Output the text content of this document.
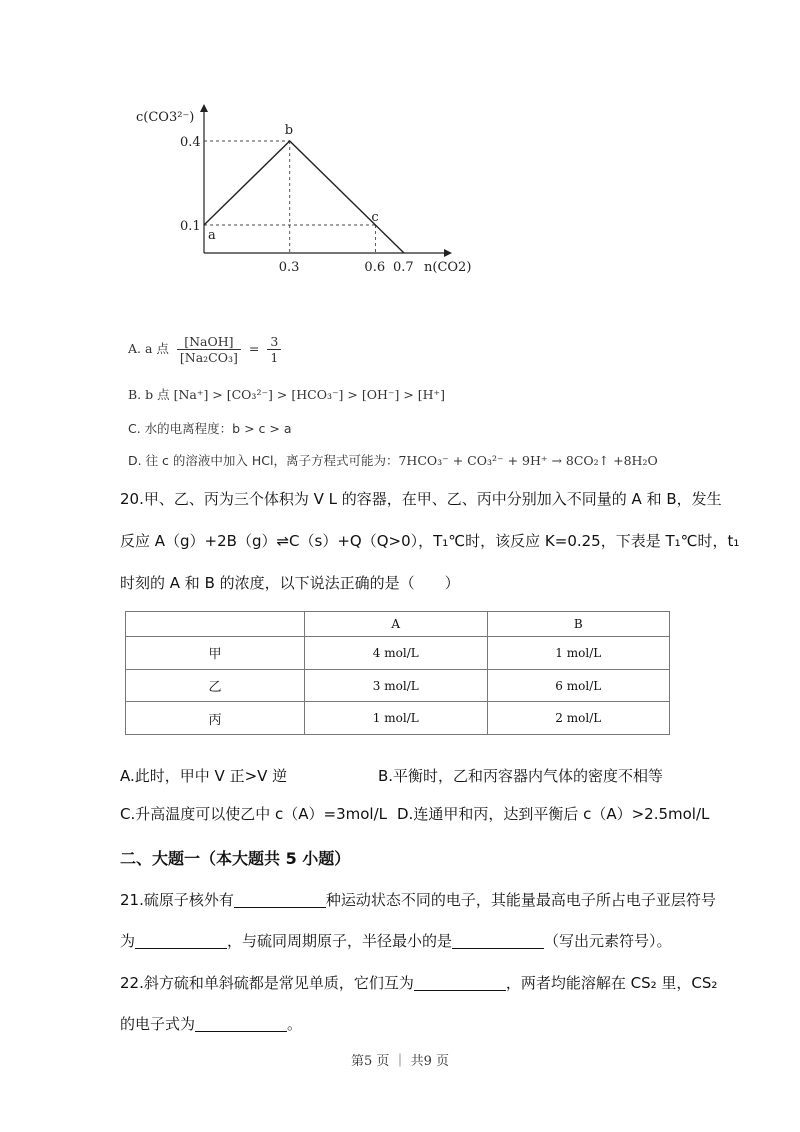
c(CO3²⁻)
n(CO2)
0.1
0.4
0.3	0.6 0.7
a
b
c
A. a 点 $\frac{\text{[NaOH]}}{\text{[Na₂CO₃]}} = \frac{3}{1}$
B. b 点 [Na⁺] > [CO₃²⁻] > [HCO₃⁻] > [OH⁻] > [H⁺]
C. 水的电离程度：b > c > a
D. 往 c 的溶液中加入 HCl，离子方程式可能为：7HCO₃⁻ + CO₃²⁻ + 9H⁺ → 8CO₂↑ +8H₂O
20.甲、乙、丙为三个体积为 V L 的容器，在甲、乙、丙中分别加入不同量的 A 和 B，发生
反应 A（g）+2B（g）⇌C（s）+Q（Q>0），T₁℃时，该反应 K=0.25，下表是 T₁℃时，t₁
时刻的 A 和 B 的浓度，以下说法正确的是（　　）
	A	B
甲	4 mol/L	1 mol/L
乙	3 mol/L	6 mol/L
丙	1 mol/L	2 mol/L
A.此时，甲中 V 正>V 逆	B.平衡时，乙和丙容器内气体的密度不相等
C.升高温度可以使乙中 c（A）=3mol/L D.连通甲和丙，达到平衡后 c（A）>2.5mol/L
二、大题一（本大题共 5 小题）
21.硫原子核外有	种运动状态不同的电子，其能量最高电子所占电子亚层符号
为	，与硫同周期原子，半径最小的是	（写出元素符号）。
22.斜方硫和单斜硫都是常见单质，它们互为	，两者均能溶解在 CS₂ 里，CS₂
的电子式为	。
第5 页 ｜ 共9 页
